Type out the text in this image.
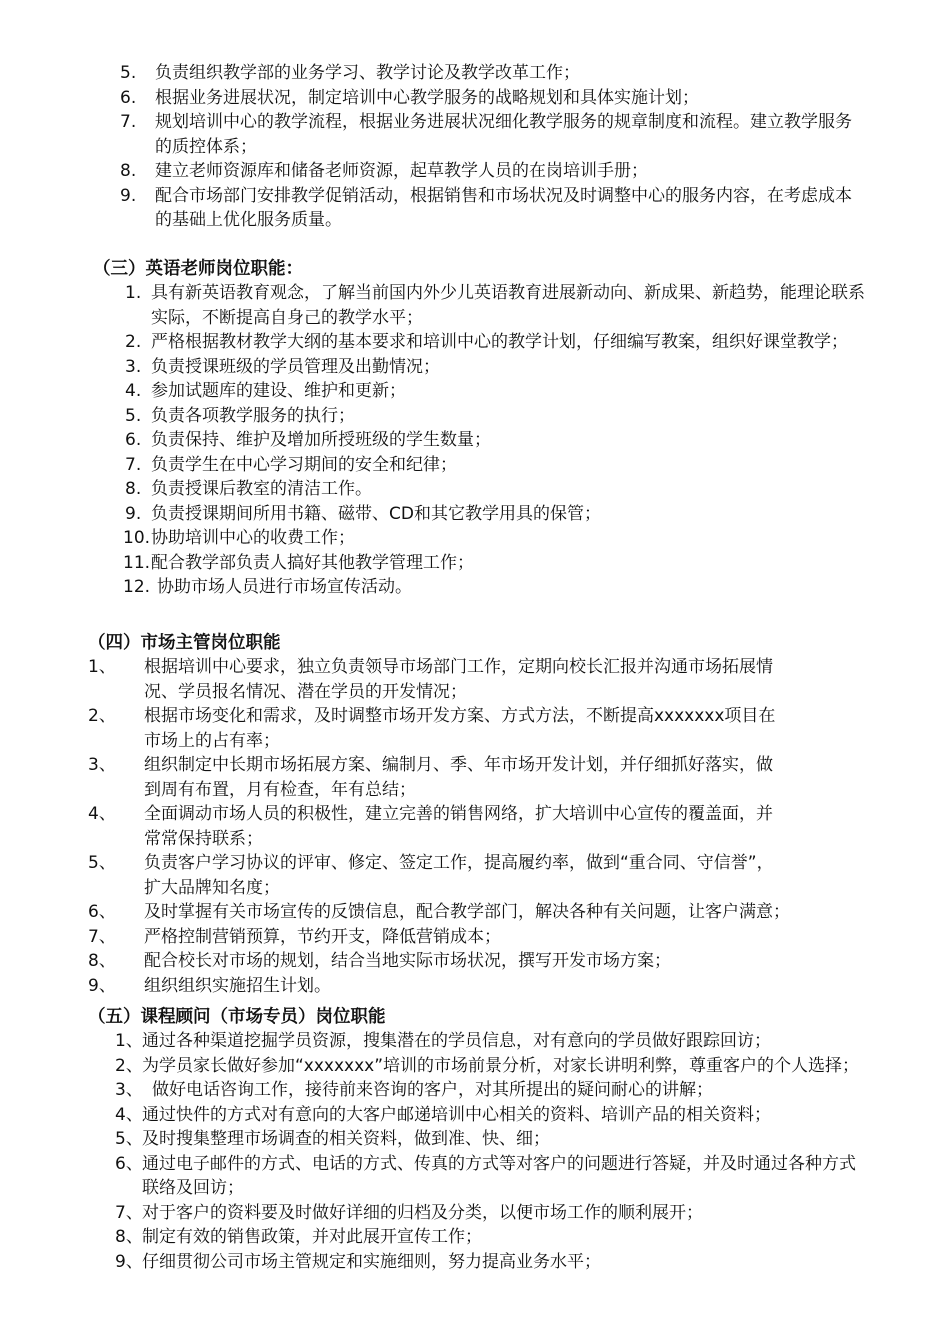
5.	负责组织教学部的业务学习、教学讨论及教学改革工作；
6.	根据业务进展状况，制定培训中心教学服务的战略规划和具体实施计划；
7.	规划培训中心的教学流程，根据业务进展状况细化教学服务的规章制度和流程。建立教学服务的质控体系；
8.	建立老师资源库和储备老师资源，起草教学人员的在岗培训手册；
9.	配合市场部门安排教学促销活动，根据销售和市场状况及时调整中心的服务内容，在考虑成本的基础上优化服务质量。
（三）英语老师岗位职能：
1. 具有新英语教育观念，了解当前国内外少儿英语教育进展新动向、新成果、新趋势，能理论联系实际，不断提高自身己的教学水平；
2. 严格根据教材教学大纲的基本要求和培训中心的教学计划，仔细编写教案，组织好课堂教学；
3. 负责授课班级的学员管理及出勤情况；
4. 参加试题库的建设、维护和更新；
5. 负责各项教学服务的执行；
6. 负责保持、维护及增加所授班级的学生数量；
7. 负责学生在中心学习期间的安全和纪律；
8. 负责授课后教室的清洁工作。
9. 负责授课期间所用书籍、磁带、CD和其它教学用具的保管；
10. 协助培训中心的收费工作；
11. 配合教学部负责人搞好其他教学管理工作；
12. 协助市场人员进行市场宣传活动。
（四）市场主管岗位职能
1、	根据培训中心要求，独立负责领导市场部门工作，定期向校长汇报并沟通市场拓展情
况、学员报名情况、潜在学员的开发情况；
2、	根据市场变化和需求，及时调整市场开发方案、方式方法，不断提高xxxxxxx项目在
市场上的占有率；
3、	组织制定中长期市场拓展方案、编制月、季、年市场开发计划，并仔细抓好落实，做
到周有布置，月有检查，年有总结；
4、	全面调动市场人员的积极性，建立完善的销售网络，扩大培训中心宣传的覆盖面，并
常常保持联系；
5、	负责客户学习协议的评审、修定、签定工作，提高履约率，做到“重合同、守信誉”，
扩大品牌知名度；
6、	及时掌握有关市场宣传的反馈信息，配合教学部门，解决各种有关问题，让客户满意；
7、	严格控制营销预算，节约开支，降低营销成本；
8、	配合校长对市场的规划，结合当地实际市场状况，撰写开发市场方案；
9、	组织组织实施招生计划。
（五）课程顾问（市场专员）岗位职能
1、 通过各种渠道挖掘学员资源，搜集潜在的学员信息，对有意向的学员做好跟踪回访；
2、 为学员家长做好参加“xxxxxxx”培训的市场前景分析，对家长讲明利弊，尊重客户的个人选择；
3、 做好电话咨询工作，接待前来咨询的客户，对其所提出的疑问耐心的讲解；
4、 通过快件的方式对有意向的大客户邮递培训中心相关的资料、培训产品的相关资料；
5、 及时搜集整理市场调查的相关资料，做到准、快、细；
6、 通过电子邮件的方式、电话的方式、传真的方式等对客户的问题进行答疑，并及时通过各种方式联络及回访；
7、 对于客户的资料要及时做好详细的归档及分类，以便市场工作的顺利展开；
8、 制定有效的销售政策，并对此展开宣传工作；
9、 仔细贯彻公司市场主管规定和实施细则，努力提高业务水平；
